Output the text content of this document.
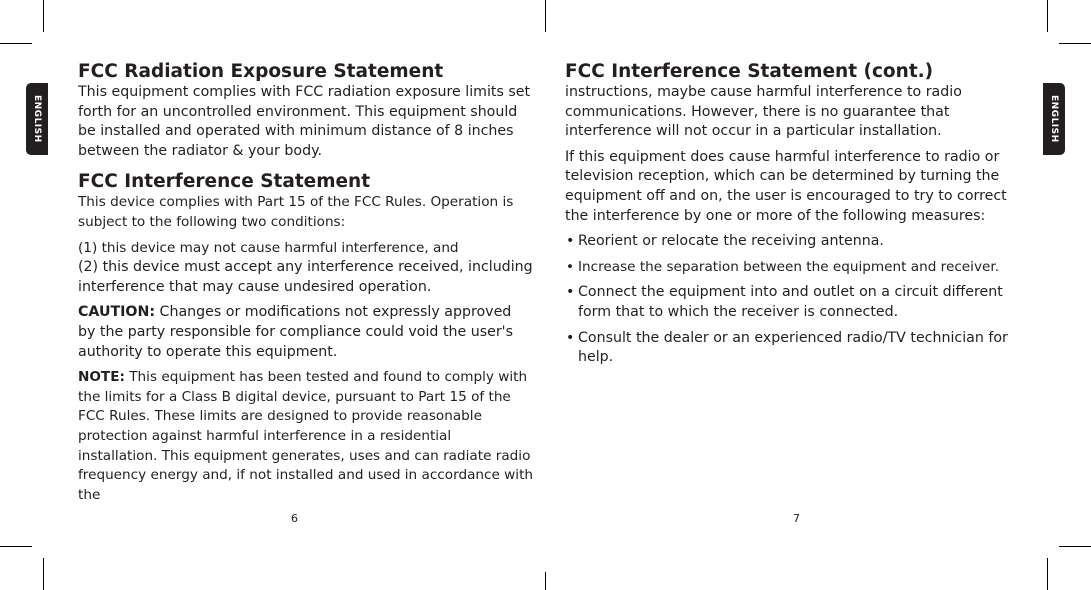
ENGLISH	ENGLISH
FCC Radiation Exposure Statement

This equipment complies with FCC radiation exposure limits set forth for an uncontrolled environment. This equipment should be installed and operated with minimum distance of 8 inches between the radiator & your body.

FCC Interference Statement

This device complies with Part 15 of the FCC Rules. Operation is subject to the following two conditions:

(1) this device may not cause harmful interference, and

(2) this device must accept any interference received, including interference that may cause undesired operation.

CAUTION: Changes or modifications not expressly approved by the party responsible for compliance could void the user's authority to operate this equipment.

NOTE: This equipment has been tested and found to comply with the limits for a Class B digital device, pursuant to Part 15 of the FCC Rules. These limits are designed to provide reasonable protection against harmful interference in a residential installation. This equipment generates, uses and can radiate radio frequency energy and, if not installed and used in accordance with the

6
FCC Interference Statement (cont.)

instructions, maybe cause harmful interference to radio communications. However, there is no guarantee that interference will not occur in a particular installation.

If this equipment does cause harmful interference to radio or television reception, which can be determined by turning the equipment off and on, the user is encouraged to try to correct the interference by one or more of the following measures:

• Reorient or relocate the receiving antenna.
• Increase the separation between the equipment and receiver.
• Connect the equipment into and outlet on a circuit different form that to which the receiver is connected.
• Consult the dealer or an experienced radio/TV technician for help.
7
